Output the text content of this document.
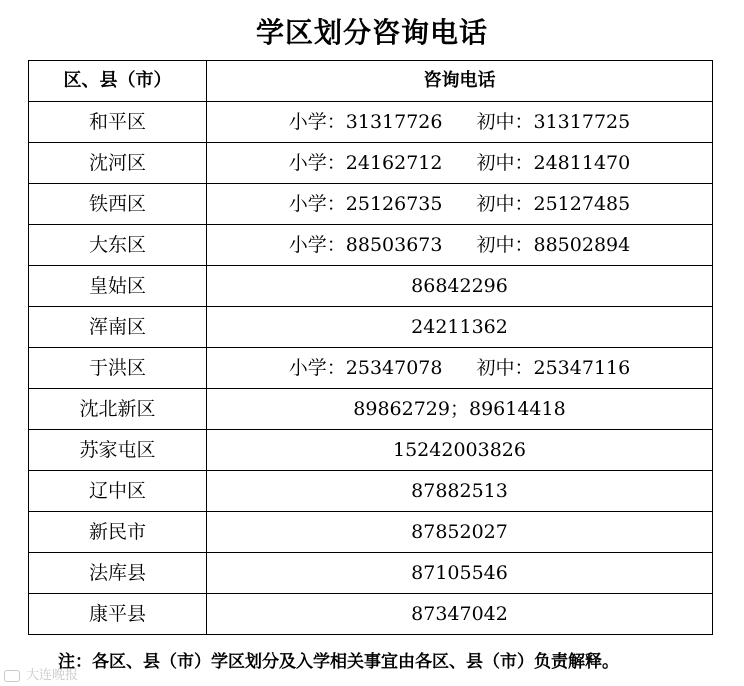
学区划分咨询电话
区、县（市）	咨询电话
和平区	小学：31317726 初中：31317725
沈河区	小学：24162712 初中：24811470
铁西区	小学：25126735 初中：25127485
大东区	小学：88503673 初中：88502894
皇姑区	86842296
浑南区	24211362
于洪区	小学：25347078 初中：25347116
沈北新区	89862729；89614418
苏家屯区	15242003826
辽中区	87882513
新民市	87852027
法库县	87105546
康平县	87347042
大连晚报
注：各区、县（市）学区划分及入学相关事宜由各区、县（市）负责解释。
